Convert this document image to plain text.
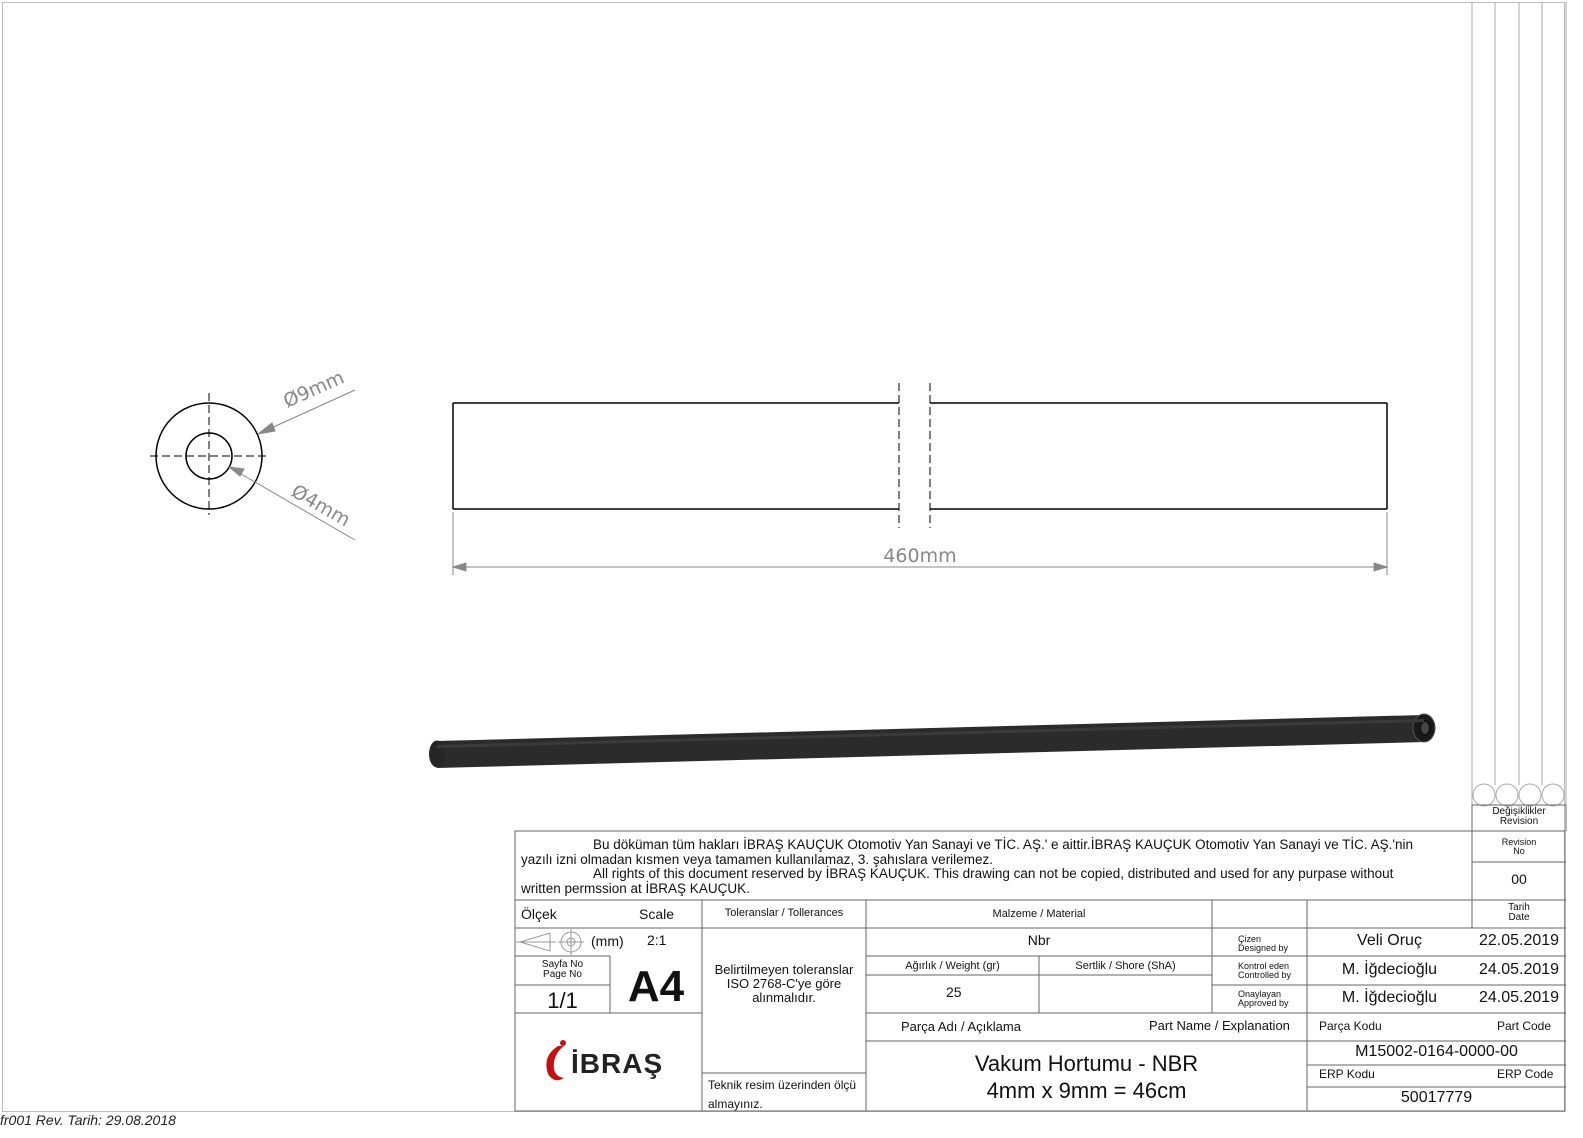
Ø9mm
Ø4mm
460mm
İBRAŞ
Değişiklikler
Revision
Revision
No
00
Tarih
Date

Bu döküman tüm hakları İBRAŞ KAUÇUK Otomotiv Yan Sanayi ve TİC. AŞ.' e aittir.İBRAŞ KAUÇUK Otomotiv Yan Sanayi ve TİC. AŞ.'nin

yazılı izni olmadan kısmen veya tamamen kullanılamaz, 3. şahıslara verilemez.

All rights of this document reserved by İBRAŞ KAUÇUK. This drawing can not be copied, distributed and used for any purpase without

written permssion at İBRAŞ KAUÇUK.

Ölçek	Scale
(mm) 2:1
Sayfa No
Page No
1/1	A4
Toleranslar / Tollerances
Belirtilmeyen toleranslar
ISO 2768-C'ye göre
alınmalıdır.
Teknik resim üzerinden ölçü
almayınız.
Malzeme / Material
Nbr
Ağırlık / Weight (gr)	Sertlik / Shore (ShA)
25
Çizen
Designed by	Veli Oruç	22.05.2019
Kontrol eden
Controlled by	M. İğdecioğlu	24.05.2019
Onaylayan
Approved by	M. İğdecioğlu	24.05.2019
Parça Adı / Açıklama	Part Name / Explanation
Vakum Hortumu - NBR
4mm x 9mm = 46cm
Parça Kodu	Part Code
M15002-0164-0000-00
ERP Kodu	ERP Code
50017779
fr001 Rev. Tarih: 29.08.2018
